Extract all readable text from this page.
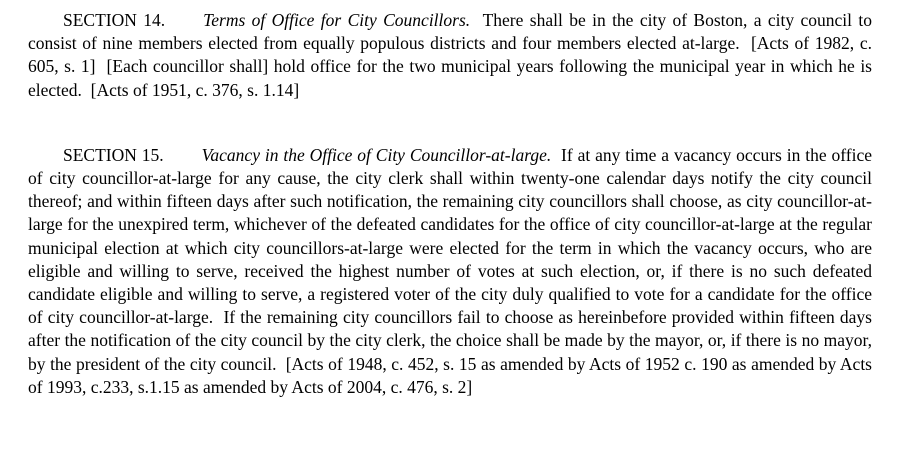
SECTION 14. Terms of Office for City Councillors.  There shall be in the city of Boston, a city council to consist of nine members elected from equally populous districts and four members elected at-large.  [Acts of 1982, c. 605, s. 1]  [Each councillor shall] hold office for the two municipal years following the municipal year in which he is elected.  [Acts of 1951, c. 376, s. 1.14]

SECTION 15. Vacancy in the Office of City Councillor-at-large.  If at any time a vacancy occurs in the office of city councillor-at-large for any cause, the city clerk shall within twenty-one calendar days notify the city council thereof; and within fifteen days after such notification, the remaining city councillors shall choose, as city councillor-at-large for the unexpired term, whichever of the defeated candidates for the office of city councillor-at-large at the regular municipal election at which city councillors-at-large were elected for the term in which the vacancy occurs, who are eligible and willing to serve, received the highest number of votes at such election, or, if there is no such defeated candidate eligible and willing to serve, a registered voter of the city duly qualified to vote for a candidate for the office of city councillor-at-large.  If the remaining city councillors fail to choose as hereinbefore provided within fifteen days after the notification of the city council by the city clerk, the choice shall be made by the mayor, or, if there is no mayor, by the president of the city council.  [Acts of 1948, c. 452, s. 15 as amended by Acts of 1952 c. 190 as amended by Acts of 1993, c.233, s.1.15 as amended by Acts of 2004, c. 476, s. 2]
